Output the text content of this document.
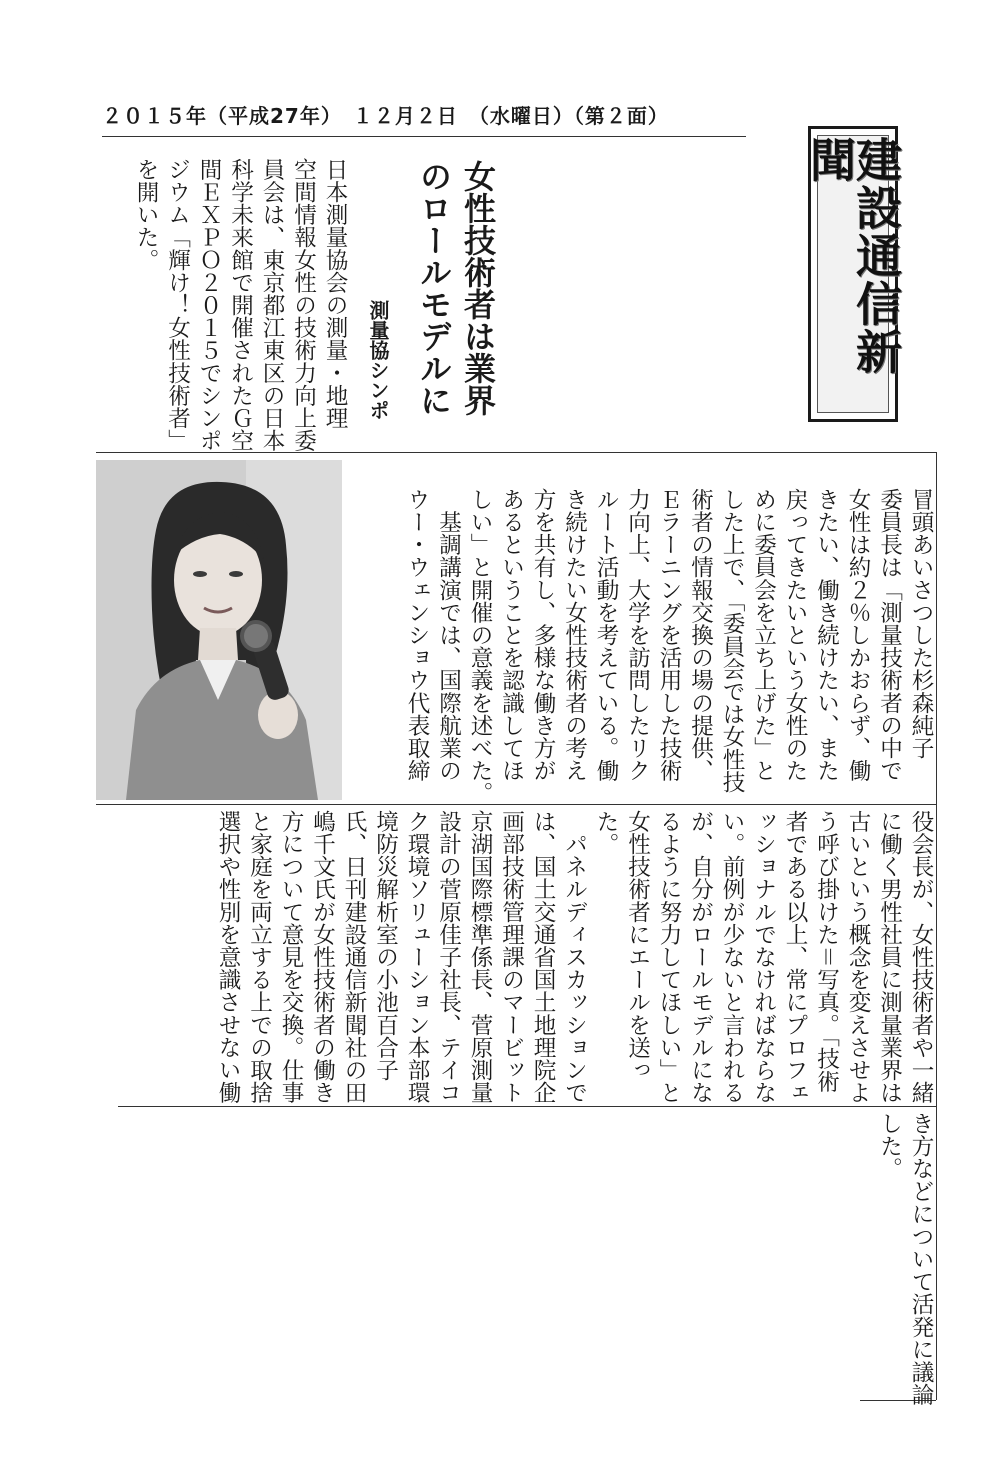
２０１５年（平成27年）　１２月２日　（水曜日）（第２面）
建設通信新聞
女性技術者は業界
のロールモデルに
測量協シンポ
日本測量協会の測量・地理
空間情報女性の技術力向上委
員会は、東京都江東区の日本
科学未来館で開催されたＧ空
間ＥＸＰＯ２０１５でシンポ
ジウム「輝け！女性技術者」
を開いた。
冒頭あいさつした杉森純子
委員長は「測量技術者の中で
女性は約２％しかおらず、働
きたい、働き続けたい、また
戻ってきたいという女性のた
めに委員会を立ち上げた」と
した上で、「委員会では女性技
術者の情報交換の場の提供、
Ｅラーニングを活用した技術
力向上、大学を訪問したリク
ルート活動を考えている。働
き続けたい女性技術者の考え
方を共有し、多様な働き方が
あるということを認識してほ
しい」と開催の意義を述べた。
　基調講演では、国際航業の
ウー・ウェンショウ代表取締
役会長が、女性技術者や一緒
に働く男性社員に測量業界は
古いという概念を変えさせよ
う呼び掛けた＝写真。「技術
者である以上、常にプロフェ
ッショナルでなければならな
い。前例が少ないと言われる
が、自分がロールモデルにな
るように努力してほしい」と
女性技術者にエールを送っ
た。
　パネルディスカッションで
は、国土交通省国土地理院企
画部技術管理課のマービット
京湖国際標準係長、菅原測量
設計の菅原佳子社長、テイコ
ク環境ソリューション本部環
境防災解析室の小池百合子
氏、日刊建設通信新聞社の田
嶋千文氏が女性技術者の働き
方について意見を交換。仕事
と家庭を両立する上での取捨
選択や性別を意識させない働
き方などについて活発に議論
した。
